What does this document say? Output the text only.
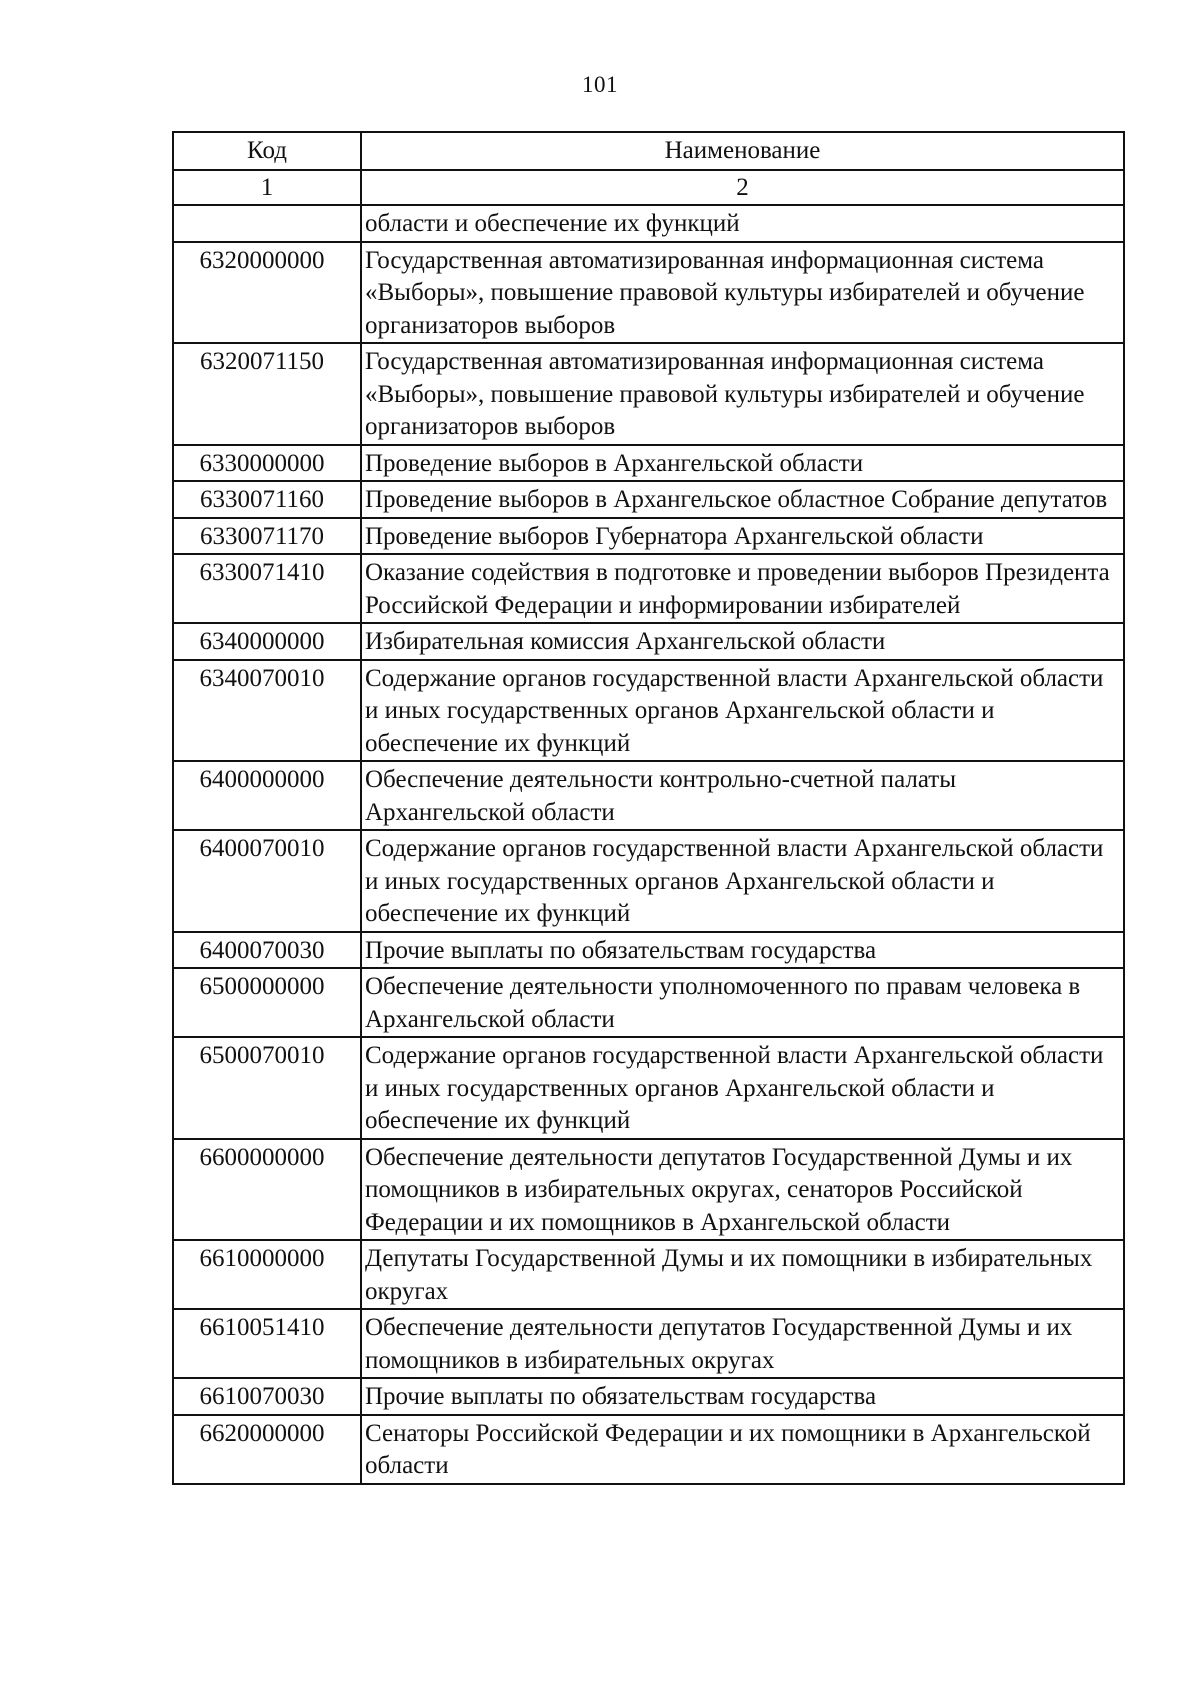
101
Код	Наименование
1	2
	области и обеспечение их функций
6320000000	Государственная автоматизированная информационная система «Выборы», повышение правовой культуры избирателей и обучение организаторов выборов
6320071150	Государственная автоматизированная информационная система «Выборы», повышение правовой культуры избирателей и обучение организаторов выборов
6330000000	Проведение выборов в Архангельской области
6330071160	Проведение выборов в Архангельское областное Собрание депутатов
6330071170	Проведение выборов Губернатора Архангельской области
6330071410	Оказание содействия в подготовке и проведении выборов Президента Российской Федерации и информировании избирателей
6340000000	Избирательная комиссия Архангельской области
6340070010	Содержание органов государственной власти Архангельской области и иных государственных органов Архангельской области и обеспечение их функций
6400000000	Обеспечение деятельности контрольно-счетной палаты Архангельской области
6400070010	Содержание органов государственной власти Архангельской области и иных государственных органов Архангельской области и обеспечение их функций
6400070030	Прочие выплаты по обязательствам государства
6500000000	Обеспечение деятельности уполномоченного по правам человека в Архангельской области
6500070010	Содержание органов государственной власти Архангельской области и иных государственных органов Архангельской области и обеспечение их функций
6600000000	Обеспечение деятельности депутатов Государственной Думы и их помощников в избирательных округах, сенаторов Российской Федерации и их помощников в Архангельской области
6610000000	Депутаты Государственной Думы и их помощники в избирательных округах
6610051410	Обеспечение деятельности депутатов Государственной Думы и их помощников в избирательных округах
6610070030	Прочие выплаты по обязательствам государства
6620000000	Сенаторы Российской Федерации и их помощники в Архангельской области
